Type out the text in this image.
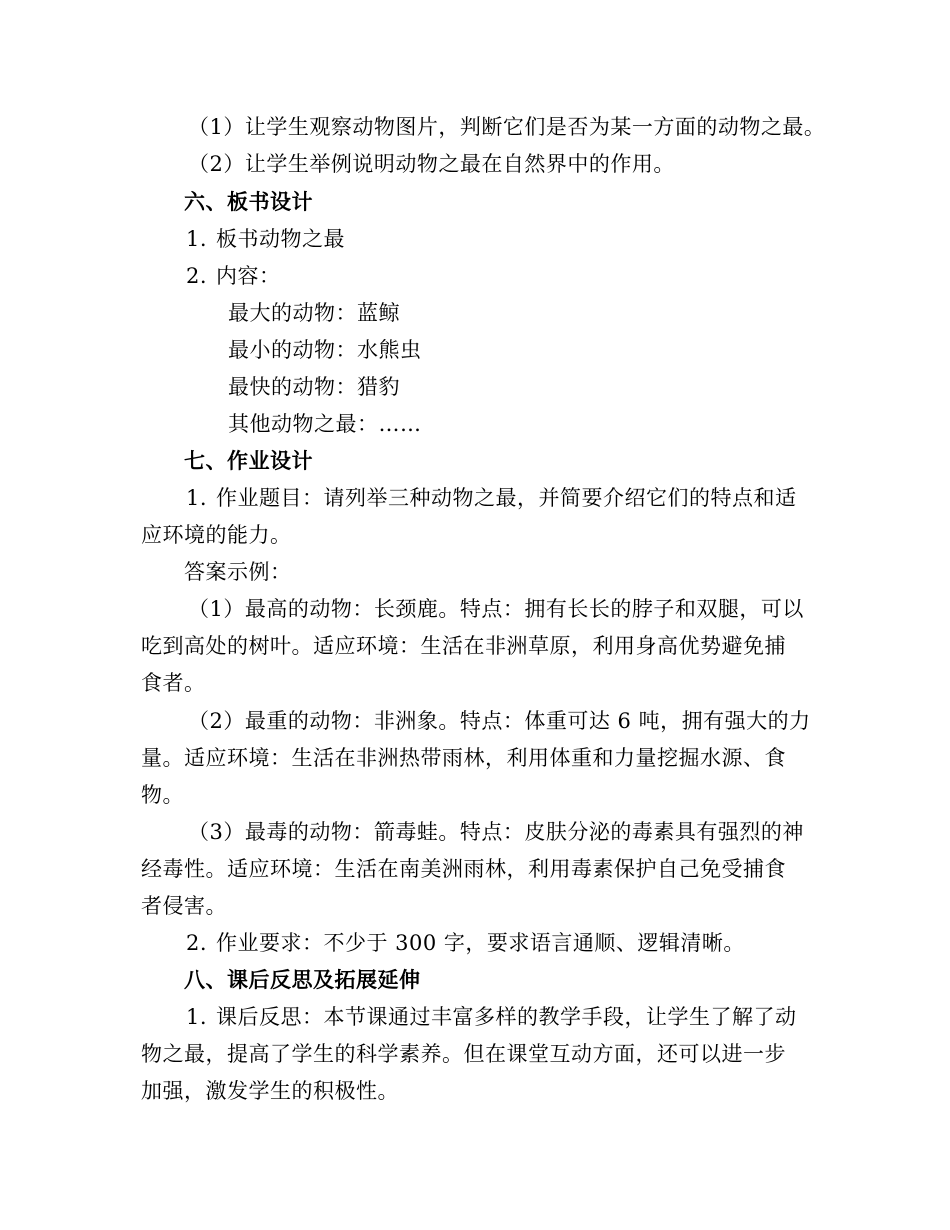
（1）让学生观察动物图片，判断它们是否为某一方面的动物之最。
（2）让学生举例说明动物之最在自然界中的作用。
六、板书设计
1. 板书动物之最
2. 内容：
最大的动物：蓝鲸
最小的动物：水熊虫
最快的动物：猎豹
其他动物之最：……
七、作业设计
1. 作业题目：请列举三种动物之最，并简要介绍它们的特点和适
应环境的能力。
答案示例：
（1）最高的动物：长颈鹿。特点：拥有长长的脖子和双腿，可以
吃到高处的树叶。适应环境：生活在非洲草原，利用身高优势避免捕
食者。
（2）最重的动物：非洲象。特点：体重可达 6 吨，拥有强大的力
量。适应环境：生活在非洲热带雨林，利用体重和力量挖掘水源、食
物。
（3）最毒的动物：箭毒蛙。特点：皮肤分泌的毒素具有强烈的神
经毒性。适应环境：生活在南美洲雨林，利用毒素保护自己免受捕食
者侵害。
2. 作业要求：不少于 300 字，要求语言通顺、逻辑清晰。
八、课后反思及拓展延伸
1. 课后反思：本节课通过丰富多样的教学手段，让学生了解了动
物之最，提高了学生的科学素养。但在课堂互动方面，还可以进一步
加强，激发学生的积极性。
